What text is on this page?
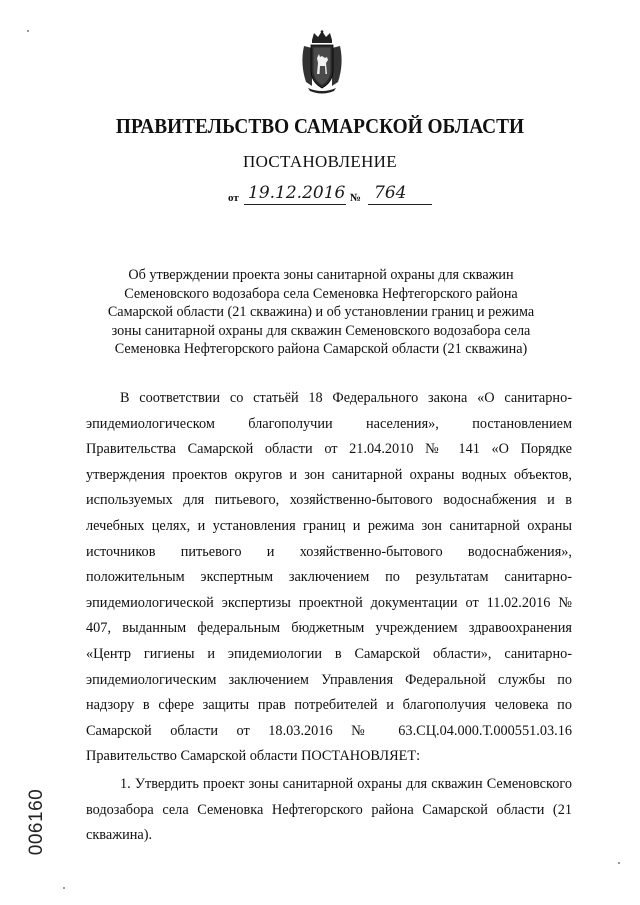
ПРАВИТЕЛЬСТВО САМАРСКОЙ ОБЛАСТИ
ПОСТАНОВЛЕНИЕ
от 19.12.2016 № 764
Об утверждении проекта зоны санитарной охраны для скважин Семеновского водозабора села Семеновка Нефтегорского района Самарской области (21 скважина) и об установлении границ и режима зоны санитарной охраны для скважин Семеновского водозабора села Семеновка Нефтегорского района Самарской области (21 скважина)

В соответствии со статьёй 18 Федерального закона «О санитарно-эпидемиологическом благополучии населения», постановлением Правительства Самарской области от 21.04.2010 № 141 «О Порядке утверждения проектов округов и зон санитарной охраны водных объектов, используемых для питьевого, хозяйственно-бытового водоснабжения и в лечебных целях, и установления границ и режима зон санитарной охраны источников питьевого и хозяйственно-бытового водоснабжения», положительным экспертным заключением по результатам санитарно-эпидемиологической экспертизы проектной документации от 11.02.2016 № 407, выданным федеральным бюджетным учреждением здравоохранения «Центр гигиены и эпидемиологии в Самарской области», санитарно-эпидемиологическим заключением Управления Федеральной службы по надзору в сфере защиты прав потребителей и благополучия человека по Самарской области от 18.03.2016 № 63.СЦ.04.000.Т.000551.03.16 Правительство Самарской области ПОСТАНОВЛЯЕТ:

1. Утвердить проект зоны санитарной охраны для скважин Семеновского водозабора села Семеновка Нефтегорского района Самарской области (21 скважина).

006160
